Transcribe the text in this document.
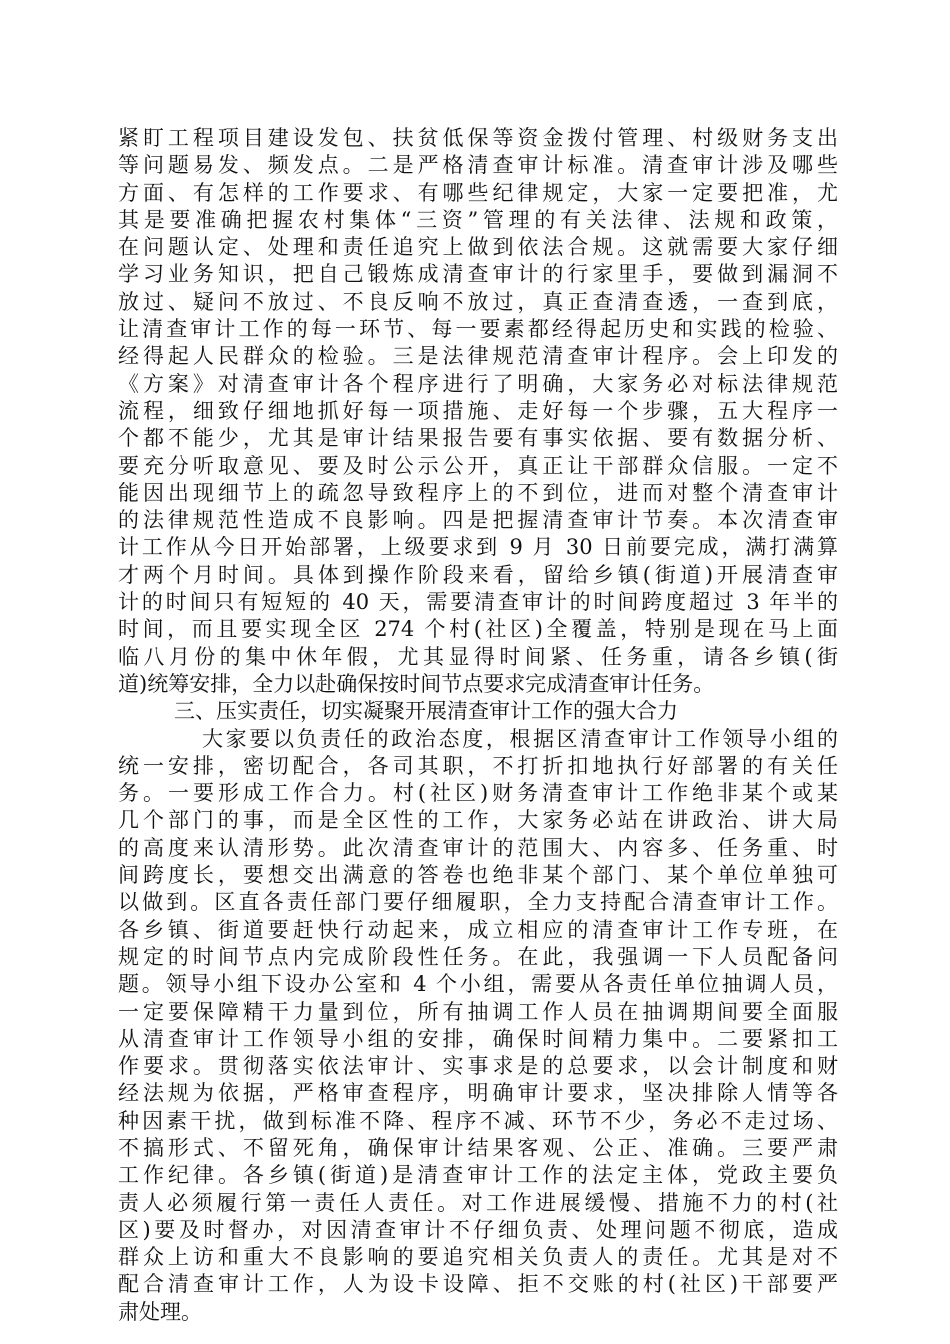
紧盯工程项目建设发包、扶贫低保等资金拨付管理、村级财务支出
等问题易发、频发点。二是严格清查审计标准。清查审计涉及哪些
方面、有怎样的工作要求、有哪些纪律规定，大家一定要把准，尤
其是要准确把握农村集体“三资”管理的有关法律、法规和政策，
在问题认定、处理和责任追究上做到依法合规。这就需要大家仔细
学习业务知识，把自己锻炼成清查审计的行家里手，要做到漏洞不
放过、疑问不放过、不良反响不放过，真正查清查透，一查到底，
让清查审计工作的每一环节、每一要素都经得起历史和实践的检验、
经得起人民群众的检验。三是法律规范清查审计程序。会上印发的
《方案》对清查审计各个程序进行了明确，大家务必对标法律规范
流程，细致仔细地抓好每一项措施、走好每一个步骤，五大程序一
个都不能少，尤其是审计结果报告要有事实依据、要有数据分析、
要充分听取意见、要及时公示公开，真正让干部群众信服。一定不
能因出现细节上的疏忽导致程序上的不到位，进而对整个清查审计
的法律规范性造成不良影响。四是把握清查审计节奏。本次清查审
计工作从今日开始部署，上级要求到 9 月 30 日前要完成，满打满算
才两个月时间。具体到操作阶段来看，留给乡镇(街道)开展清查审
计的时间只有短短的 40 天，需要清查审计的时间跨度超过 3 年半的
时间，而且要实现全区 274 个村(社区)全覆盖，特别是现在马上面
临八月份的集中休年假，尤其显得时间紧、任务重，请各乡镇(街
道)统筹安排，全力以赴确保按时间节点要求完成清查审计任务。
三、压实责任，切实凝聚开展清查审计工作的强大合力
大家要以负责任的政治态度，根据区清查审计工作领导小组的
统一安排，密切配合，各司其职，不打折扣地执行好部署的有关任
务。一要形成工作合力。村(社区)财务清查审计工作绝非某个或某
几个部门的事，而是全区性的工作，大家务必站在讲政治、讲大局
的高度来认清形势。此次清查审计的范围大、内容多、任务重、时
间跨度长，要想交出满意的答卷也绝非某个部门、某个单位单独可
以做到。区直各责任部门要仔细履职，全力支持配合清查审计工作。
各乡镇、街道要赶快行动起来，成立相应的清查审计工作专班，在
规定的时间节点内完成阶段性任务。在此，我强调一下人员配备问
题。领导小组下设办公室和 4 个小组，需要从各责任单位抽调人员，
一定要保障精干力量到位，所有抽调工作人员在抽调期间要全面服
从清查审计工作领导小组的安排，确保时间精力集中。二要紧扣工
作要求。贯彻落实依法审计、实事求是的总要求，以会计制度和财
经法规为依据，严格审查程序，明确审计要求，坚决排除人情等各
种因素干扰，做到标准不降、程序不减、环节不少，务必不走过场、
不搞形式、不留死角，确保审计结果客观、公正、准确。三要严肃
工作纪律。各乡镇(街道)是清查审计工作的法定主体，党政主要负
责人必须履行第一责任人责任。对工作进展缓慢、措施不力的村(社
区)要及时督办，对因清查审计不仔细负责、处理问题不彻底，造成
群众上访和重大不良影响的要追究相关负责人的责任。尤其是对不
配合清查审计工作，人为设卡设障、拒不交账的村(社区)干部要严
肃处理。
